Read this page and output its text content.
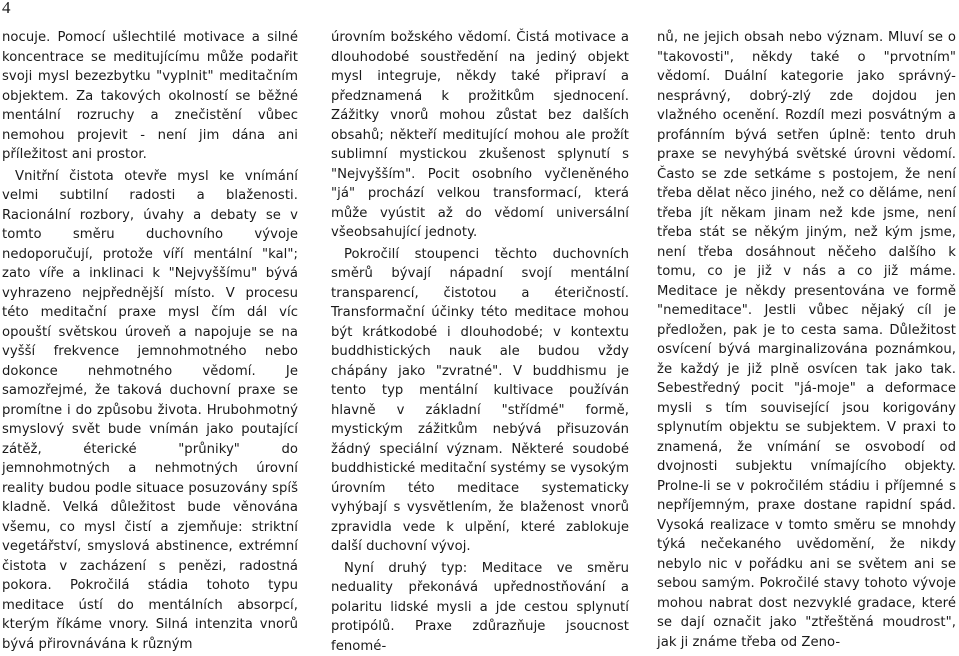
4

nocuje. Pomocí ušlechtilé motivace a silné koncentrace se meditujícímu může podařit svoji mysl bezezbytku "vyplnit" meditačním objektem. Za takových okolností se běžné mentální rozruchy a znečistění vůbec nemohou projevit - není jim dána ani příležitost ani prostor.

Vnitřní čistota otevře mysl ke vnímání velmi subtilní radosti a blaženosti. Racionální rozbory, úvahy a debaty se v tomto směru duchovního vývoje nedoporučují, protože víří mentální "kal"; zato víře a inklinaci k "Nejvyššímu" bývá vyhrazeno nejpřednější místo. V procesu této meditační praxe mysl čím dál víc opouští světskou úroveň a napojuje se na vyšší frekvence jemnohmotného nebo dokonce nehmotného vědomí. Je samozřejmé, že taková duchovní praxe se promítne i do způsobu života. Hrubohmotný smyslový svět bude vnímán jako poutající zátěž, éterické "průniky" do jemnohmotných a nehmotných úrovní reality budou podle situace posuzovány spíš kladně. Velká důležitost bude věnována všemu, co mysl čistí a zjemňuje: striktní vegetářství, smyslová abstinence, extrémní čistota v zacházení s penězi, radostná pokora. Pokročilá stádia tohoto typu meditace ústí do mentálních absorpcí, kterým říkáme vnory. Silná intenzita vnorů bývá přirovnávána k různým

úrovním božského vědomí. Čistá motivace a dlouhodobé soustředění na jediný objekt mysl integruje, někdy také připraví a předznamená k prožitkům sjednocení. Zážitky vnorů mohou zůstat bez dalších obsahů; někteří meditující mohou ale prožít sublimní mystickou zkušenost splynutí s "Nejvyšším". Pocit osobního vyčleněného "já" prochází velkou transformací, která může vyústit až do vědomí universální všeobsahující jednoty.

Pokročilí stoupenci těchto duchovních směrů bývají nápadní svojí mentální transparencí, čistotou a éteričností. Transformační účinky této meditace mohou být krátkodobé i dlouhodobé; v kontextu buddhistických nauk ale budou vždy chápány jako "zvratné". V buddhismu je tento typ mentální kultivace používán hlavně v základní "střídmé" formě, mystickým zážitkům nebývá přisuzován žádný speciální význam. Některé soudobé buddhistické meditační systémy se vysokým úrovním této meditace systematicky vyhýbají s vysvětlením, že blaženost vnorů zpravidla vede k ulpění, které zablokuje další duchovní vývoj.

Nyní druhý typ: Meditace ve směru neduality překonává upřednostňování a polaritu lidské mysli a jde cestou splynutí protipólů. Praxe zdůrazňuje jsoucnost fenomé-

nů, ne jejich obsah nebo význam. Mluví se o "takovosti", někdy také o "prvotním" vědomí. Duální kategorie jako správný-nesprávný, dobrý-zlý zde dojdou jen vlažného ocenění. Rozdíl mezi posvátným a profánním bývá setřen úplně: tento druh praxe se nevyhýbá světské úrovni vědomí. Často se zde setkáme s postojem, že není třeba dělat něco jiného, než co děláme, není třeba jít někam jinam než kde jsme, není třeba stát se někým jiným, než kým jsme, není třeba dosáhnout něčeho dalšího k tomu, co je již v nás a co již máme. Meditace je někdy presentována ve formě "nemeditace". Jestli vůbec nějaký cíl je předložen, pak je to cesta sama. Důležitost osvícení bývá marginalizována poznámkou, že každý je již plně osvícen tak jako tak. Sebestředný pocit "já-moje" a deformace mysli s tím související jsou korigovány splynutím objektu se subjektem. V praxi to znamená, že vnímání se osvobodí od dvojnosti subjektu vnímajícího objekty. Prolne-li se v pokročilém stádiu i příjemné s nepříjemným, praxe dostane rapidní spád. Vysoká realizace v tomto směru se mnohdy týká nečekaného uvědomění, že nikdy nebylo nic v pořádku ani se světem ani se sebou samým. Pokročilé stavy tohoto vývoje mohou nabrat dost nezvyklé gradace, které se dají označit jako "ztřeštěná moudrost", jak ji známe třeba od Zeno-
